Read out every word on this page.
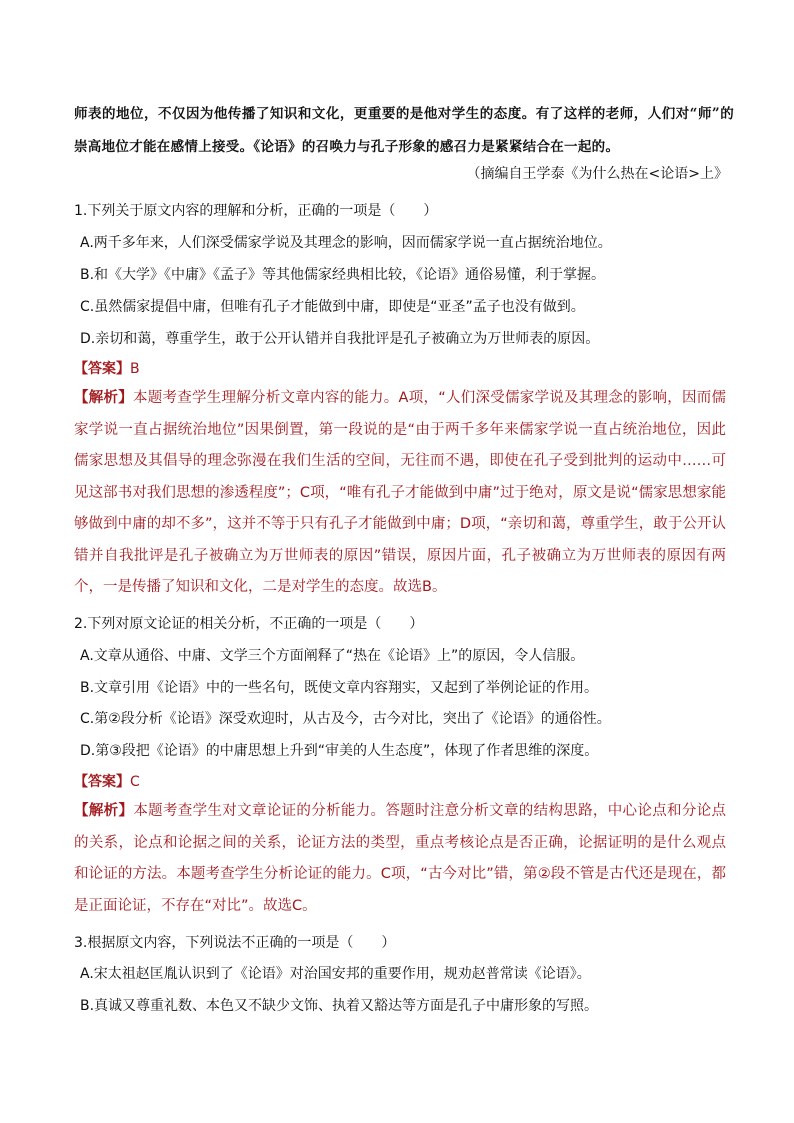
师表的地位，不仅因为他传播了知识和文化，更重要的是他对学生的态度。有了这样的老师，人们对“师”的崇高地位才能在感情上接受。《论语》的召唤力与孔子形象的感召力是紧紧结合在一起的。
（摘编自王学泰《为什么热在<论语>上》
1.下列关于原文内容的理解和分析，正确的一项是（　　）
A.两千多年来，人们深受儒家学说及其理念的影响，因而儒家学说一直占据统治地位。
B.和《大学》《中庸》《孟子》等其他儒家经典相比较，《论语》通俗易懂，利于掌握。
C.虽然儒家提倡中庸，但唯有孔子才能做到中庸，即使是“亚圣”孟子也没有做到。
D.亲切和蔼，尊重学生，敢于公开认错并自我批评是孔子被确立为万世师表的原因。
【答案】B
【解析】本题考查学生理解分析文章内容的能力。A项，“人们深受儒家学说及其理念的影响，因而儒家学说一直占据统治地位”因果倒置，第一段说的是“由于两千多年来儒家学说一直占统治地位，因此儒家思想及其倡导的理念弥漫在我们生活的空间，无往而不遇，即使在孔子受到批判的运动中……可见这部书对我们思想的渗透程度”；C项，“唯有孔子才能做到中庸”过于绝对，原文是说“儒家思想家能够做到中庸的却不多”，这并不等于只有孔子才能做到中庸；D项，“亲切和蔼，尊重学生，敢于公开认错并自我批评是孔子被确立为万世师表的原因”错误，原因片面，孔子被确立为万世师表的原因有两个，一是传播了知识和文化，二是对学生的态度。故选B。
2.下列对原文论证的相关分析，不正确的一项是（　　）
A.文章从通俗、中庸、文学三个方面阐释了“热在《论语》上”的原因，令人信服。
B.文章引用《论语》中的一些名句，既使文章内容翔实，又起到了举例论证的作用。
C.第②段分析《论语》深受欢迎时，从古及今，古今对比，突出了《论语》的通俗性。
D.第③段把《论语》的中庸思想上升到“审美的人生态度”，体现了作者思维的深度。
【答案】C
【解析】本题考查学生对文章论证的分析能力。答题时注意分析文章的结构思路，中心论点和分论点的关系，论点和论据之间的关系，论证方法的类型，重点考核论点是否正确，论据证明的是什么观点和论证的方法。本题考查学生分析论证的能力。C项，“古今对比”错，第②段不管是古代还是现在，都是正面论证，不存在“对比”。故选C。
3.根据原文内容，下列说法不正确的一项是（　　）
A.宋太祖赵匡胤认识到了《论语》对治国安邦的重要作用，规劝赵普常读《论语》。
B.真诚又尊重礼数、本色又不缺少文饰、执着又豁达等方面是孔子中庸形象的写照。
